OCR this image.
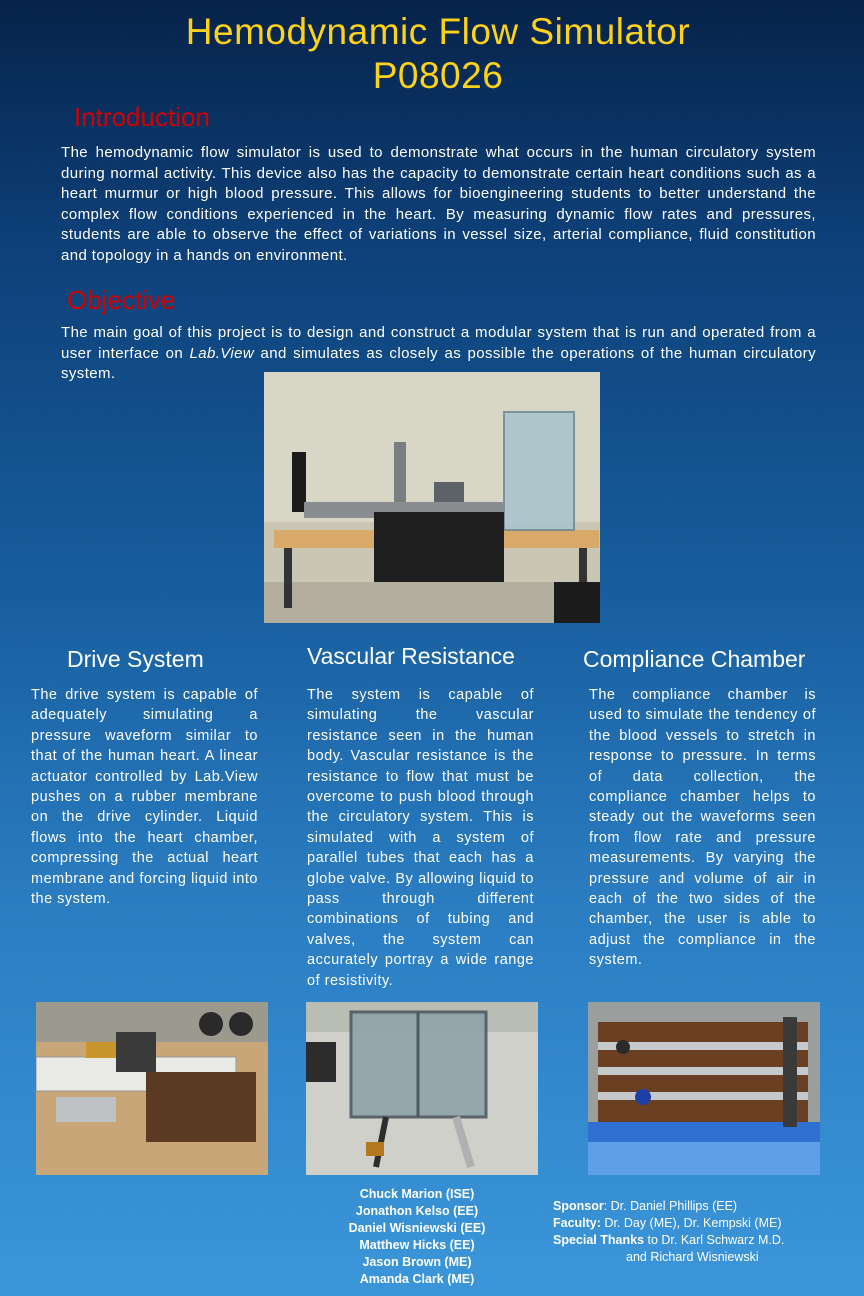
Hemodynamic Flow Simulator
P08026
Introduction
The hemodynamic flow simulator is used to demonstrate what occurs in the human circulatory system during normal activity. This device also has the capacity to demonstrate certain heart conditions such as a heart murmur or high blood pressure. This allows for bioengineering students to better understand the complex flow conditions experienced in the heart. By measuring dynamic flow rates and pressures, students are able to observe the effect of variations in vessel size, arterial compliance, fluid constitution and topology in a hands on environment.
Objective
The main goal of this project is to design and construct a modular system that is run and operated from a user interface on Lab.View and simulates as closely as possible the operations of the human circulatory system.
Drive System
The drive system is capable of adequately simulating a pressure waveform similar to that of the human heart. A linear actuator controlled by Lab.View pushes on a rubber membrane on the drive cylinder. Liquid flows into the heart chamber, compressing the actual heart membrane and forcing liquid into the system.
Vascular Resistance
The system is capable of simulating the vascular resistance seen in the human body. Vascular resistance is the resistance to flow that must be overcome to push blood through the circulatory system. This is simulated with a system of parallel tubes that each has a globe valve. By allowing liquid to pass through different combinations of tubing and valves, the system can accurately portray a wide range of resistivity.
Compliance Chamber
The compliance chamber is used to simulate the tendency of the blood vessels to stretch in response to pressure. In terms of data collection, the compliance chamber helps to steady out the waveforms seen from flow rate and pressure measurements. By varying the pressure and volume of air in each of the two sides of the chamber, the user is able to adjust the compliance in the system.
Chuck Marion (ISE)
Jonathon Kelso (EE)
Daniel Wisniewski (EE)
Matthew Hicks (EE)
Jason Brown (ME)
Amanda Clark (ME)
Sponsor: Dr. Daniel Phillips (EE)
Faculty: Dr. Day (ME), Dr. Kempski (ME)
Special Thanks to Dr. Karl Schwarz M.D.
and Richard Wisniewski
